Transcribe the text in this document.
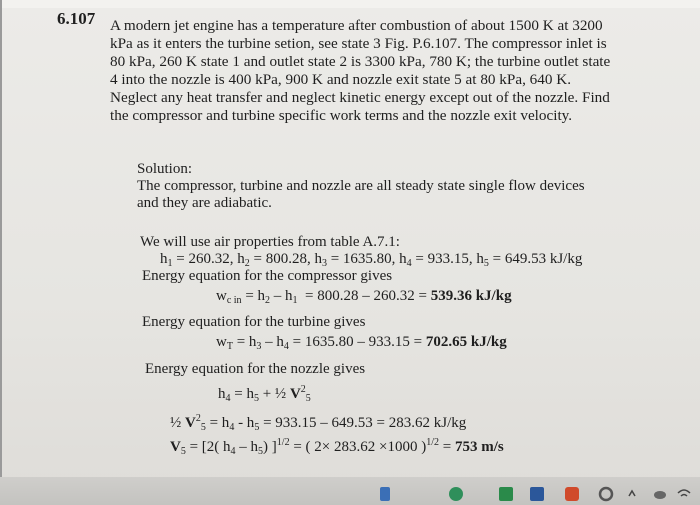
6.107 A modern jet engine has a temperature after combustion of about 1500 K at 3200

kPa as it enters the turbine setion, see state 3 Fig. P.6.107. The compressor inlet is

80 kPa, 260 K state 1 and outlet state 2 is 3300 kPa, 780 K; the turbine outlet state

4 into the nozzle is 400 kPa, 900 K and nozzle exit state 5 at 80 kPa, 640 K.

Neglect any heat transfer and neglect kinetic energy except out of the nozzle. Find

the compressor and turbine specific work terms and the nozzle exit velocity.

Solution:
The compressor, turbine and nozzle are all steady state single flow devices
and they are adiabatic.
We will use air properties from table A.7.1:
$h_1 = 260.32$, $h_2 = 800.28$, $h_3 = 1635.80$, $h_4 = 933.15$, $h_5 = 649.53$ kJ/kg
Energy equation for the compressor gives
$w_{c in} = h_2 - h_1 = 800.28 - 260.32 = 539.36$ kJ/kg
Energy equation for the turbine gives
$w_T = h_3 - h_4 = 1635.80 - 933.15 = 702.65$ kJ/kg
Energy equation for the nozzle gives
$h_4 = h_5$ + ½ $V^2_5$
½ $V^2_5 = h_4 - h_5 = 933.15 - 649.53 = 283.62$ kJ/kg
$V_5 = [2$( $h_4 - h_5$) ]$^{1/2}$ = ( 2× 283.62 ×1000 )$^{1/2}$ = 753 m/s
